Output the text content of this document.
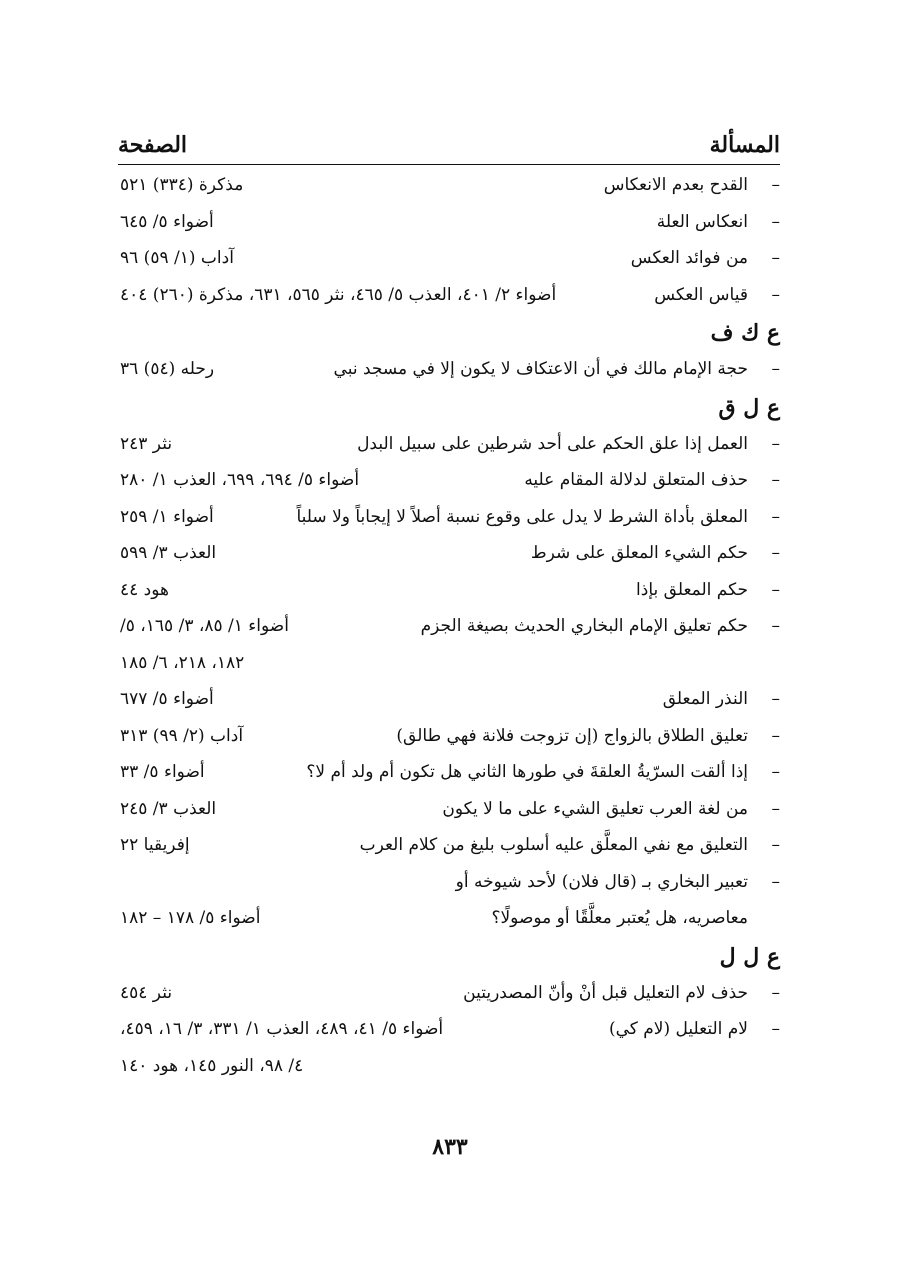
المسألة
الصفحة
–
القدح بعدم الانعكاس
مذكرة (٣٣٤) ٥٢١
–
انعكاس العلة
أضواء ٥/ ٦٤٥
–
من فوائد العكس
آداب (١/ ٥٩) ٩٦
–
قياس العكس
أضواء ٢/ ٤٠١، العذب ٥/ ٤٦٥، نثر ٥٦٥، ٦٣١، مذكرة (٢٦٠) ٤٠٤
ع ك ف
–
حجة الإمام مالك في أن الاعتكاف لا يكون إلا في مسجد نبي
رحله (٥٤) ٣٦
ع ل ق
–
العمل إذا علق الحكم على أحد شرطين على سبيل البدل
نثر ٢٤٣
–
حذف المتعلق لدلالة المقام عليه
أضواء ٥/ ٦٩٤، ٦٩٩، العذب ١/ ٢٨٠
–
المعلق بأداة الشرط لا يدل على وقوع نسبة أصلاً لا إيجاباً ولا سلباً
أضواء ١/ ٢٥٩
–
حكم الشيء المعلق على شرط
العذب ٣/ ٥٩٩
–
حكم المعلق بإذا
هود ٤٤
–
حكم تعليق الإمام البخاري الحديث بصيغة الجزم
أضواء ١/ ٨٥، ٣/ ١٦٥، ٥/
١٨٢، ٢١٨، ٦/ ١٨٥
–
النذر المعلق
أضواء ٥/ ٦٧٧
–
تعليق الطلاق بالزواج (إن تزوجت فلانة فهي طالق)
آداب (٢/ ٩٩) ٣١٣
–
إذا ألقت السرّيةُ العلقةَ في طورها الثاني هل تكون أم ولد أم لا؟
أضواء ٥/ ٣٣
–
من لغة العرب تعليق الشيء على ما لا يكون
العذب ٣/ ٢٤٥
–
التعليق مع نفي المعلَّق عليه أسلوب بليغ من كلام العرب
إفريقيا ٢٢
–
تعبير البخاري بـ (قال فلان) لأحد شيوخه أو
معاصريه، هل يُعتبر معلَّقًا أو موصولًا؟
أضواء ٥/ ١٧٨ – ١٨٢
ع ل ل
–
حذف لام التعليل قبل أنْ وأنّ المصدريتين
نثر ٤٥٤
–
لام التعليل (لام كي)
أضواء ٥/ ٤١، ٤٨٩، العذب ١/ ٣٣١، ٣/ ١٦، ٤٥٩،
٤/ ٩٨، النور ١٤٥، هود ١٤٠
٨٣٣
